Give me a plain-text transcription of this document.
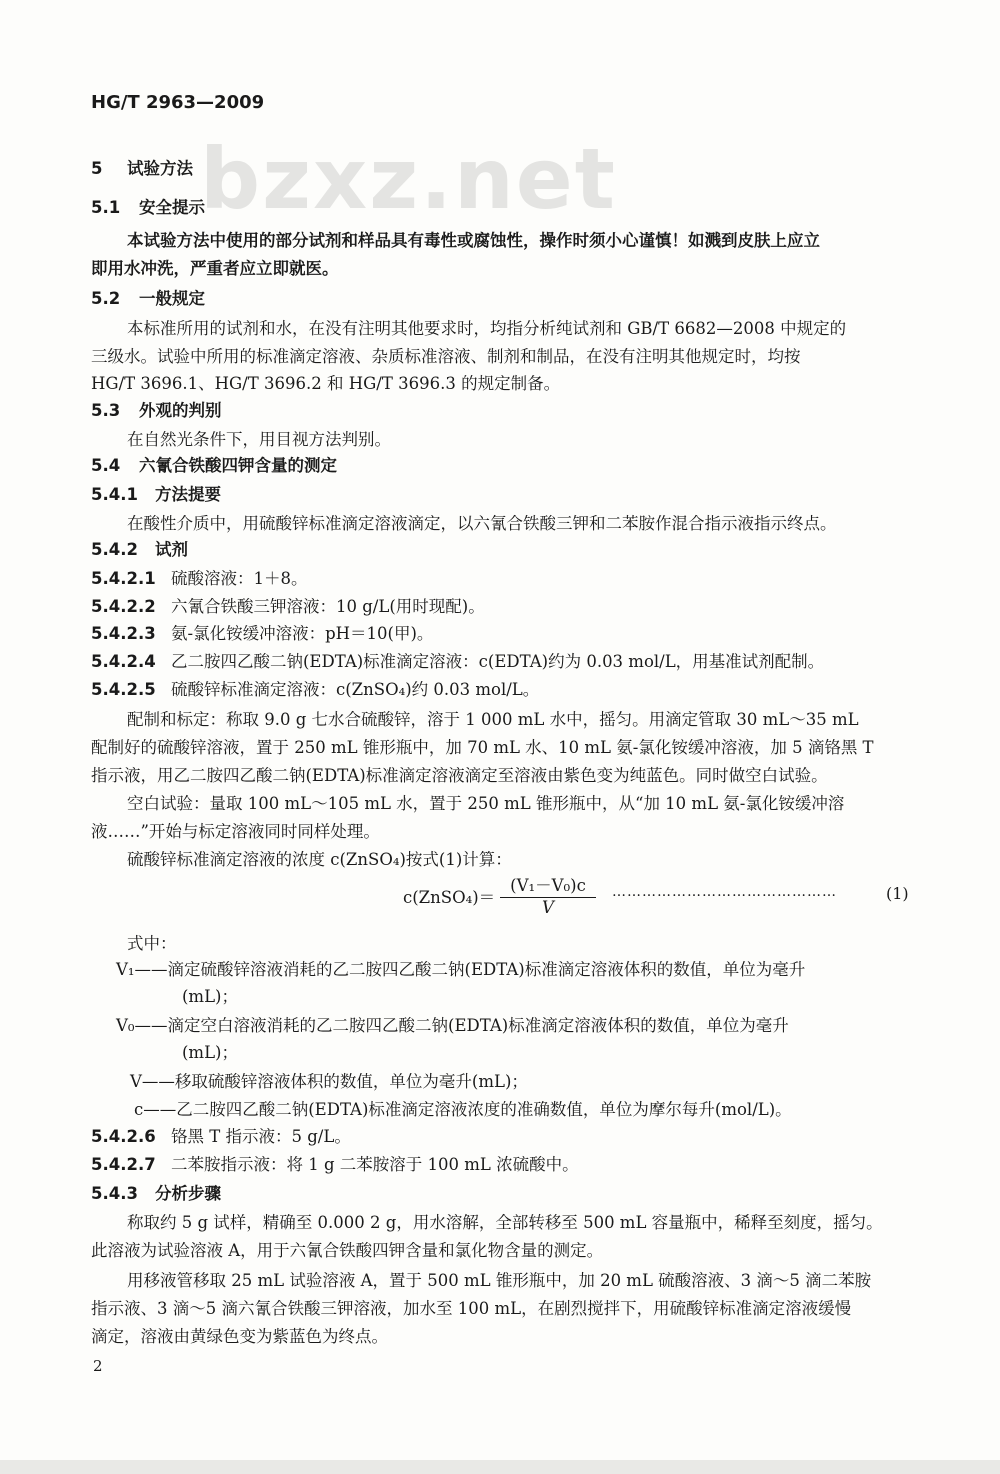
bzxz.net
HG/T 2963—2009
5 试验方法
5.1 安全提示
本试验方法中使用的部分试剂和样品具有毒性或腐蚀性，操作时须小心谨慎！如溅到皮肤上应立
即用水冲洗，严重者应立即就医。
5.2 一般规定
本标准所用的试剂和水，在没有注明其他要求时，均指分析纯试剂和 GB/T 6682—2008 中规定的
三级水。试验中所用的标准滴定溶液、杂质标准溶液、制剂和制品，在没有注明其他规定时，均按
HG/T 3696.1、HG/T 3696.2 和 HG/T 3696.3 的规定制备。
5.3 外观的判别
在自然光条件下，用目视方法判别。
5.4 六氰合铁酸四钾含量的测定
5.4.1 方法提要
在酸性介质中，用硫酸锌标准滴定溶液滴定，以六氰合铁酸三钾和二苯胺作混合指示液指示终点。
5.4.2 试剂
5.4.2.1 硫酸溶液：1＋8。
5.4.2.2 六氰合铁酸三钾溶液：10 g/L(用时现配)。
5.4.2.3 氨-氯化铵缓冲溶液：pH＝10(甲)。
5.4.2.4 乙二胺四乙酸二钠(EDTA)标准滴定溶液：c(EDTA)约为 0.03 mol/L，用基准试剂配制。
5.4.2.5 硫酸锌标准滴定溶液：c(ZnSO₄)约 0.03 mol/L。
配制和标定：称取 9.0 g 七水合硫酸锌，溶于 1 000 mL 水中，摇匀。用滴定管取 30 mL～35 mL
配制好的硫酸锌溶液，置于 250 mL 锥形瓶中，加 70 mL 水、10 mL 氨-氯化铵缓冲溶液，加 5 滴铬黑 T
指示液，用乙二胺四乙酸二钠(EDTA)标准滴定溶液滴定至溶液由紫色变为纯蓝色。同时做空白试验。
空白试验：量取 100 mL～105 mL 水，置于 250 mL 锥形瓶中，从“加 10 mL 氨-氯化铵缓冲溶
液……”开始与标定溶液同时同样处理。
硫酸锌标准滴定溶液的浓度 c(ZnSO₄)按式(1)计算：
c(ZnSO₄)＝ $\frac{\text{(V₁－V₀)c}}{V}$ ………………………………………	(1)
式中：
V₁——滴定硫酸锌溶液消耗的乙二胺四乙酸二钠(EDTA)标准滴定溶液体积的数值，单位为毫升
(mL)；
V₀——滴定空白溶液消耗的乙二胺四乙酸二钠(EDTA)标准滴定溶液体积的数值，单位为毫升
(mL)；
V——移取硫酸锌溶液体积的数值，单位为毫升(mL)；
c——乙二胺四乙酸二钠(EDTA)标准滴定溶液浓度的准确数值，单位为摩尔每升(mol/L)。
5.4.2.6 铬黑 T 指示液：5 g/L。
5.4.2.7 二苯胺指示液：将 1 g 二苯胺溶于 100 mL 浓硫酸中。
5.4.3 分析步骤
称取约 5 g 试样，精确至 0.000 2 g，用水溶解，全部转移至 500 mL 容量瓶中，稀释至刻度，摇匀。
此溶液为试验溶液 A，用于六氰合铁酸四钾含量和氯化物含量的测定。
用移液管移取 25 mL 试验溶液 A，置于 500 mL 锥形瓶中，加 20 mL 硫酸溶液、3 滴～5 滴二苯胺
指示液、3 滴～5 滴六氰合铁酸三钾溶液，加水至 100 mL，在剧烈搅拌下，用硫酸锌标准滴定溶液缓慢
滴定，溶液由黄绿色变为紫蓝色为终点。
2
